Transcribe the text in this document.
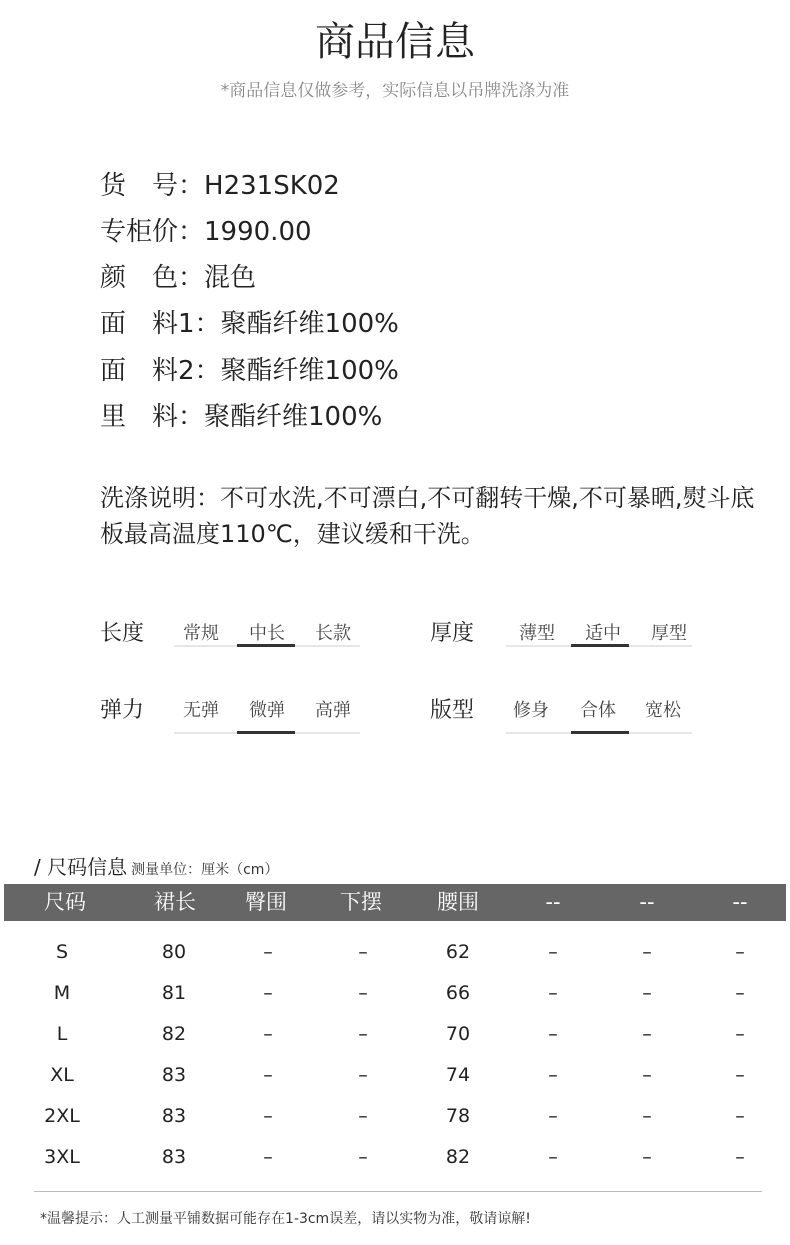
商品信息
*商品信息仅做参考，实际信息以吊牌洗涤为准
货　号：H231SK02
专柜价：1990.00
颜　色：混色
面　料1：聚酯纤维100%
面　料2：聚酯纤维100%
里　料：聚酯纤维100%
洗涤说明：不可水洗,不可漂白,不可翻转干燥,不可暴晒,熨斗底板最高温度110℃，建议缓和干洗。
长度	常规	中长	长款	厚度	薄型	适中	厚型
弹力	无弹	微弹	高弹	版型	修身	合体	宽松
/ 尺码信息 测量单位：厘米（cm）
尺码	裙长	臀围	下摆	腰围	--	--	--
S	80	–	–	62	–	–	–
M	81	–	–	66	–	–	–
L	82	–	–	70	–	–	–
XL	83	–	–	74	–	–	–
2XL	83	–	–	78	–	–	–
3XL	83	–	–	82	–	–	–
*温馨提示：人工测量平铺数据可能存在1-3cm误差，请以实物为准，敬请谅解!
